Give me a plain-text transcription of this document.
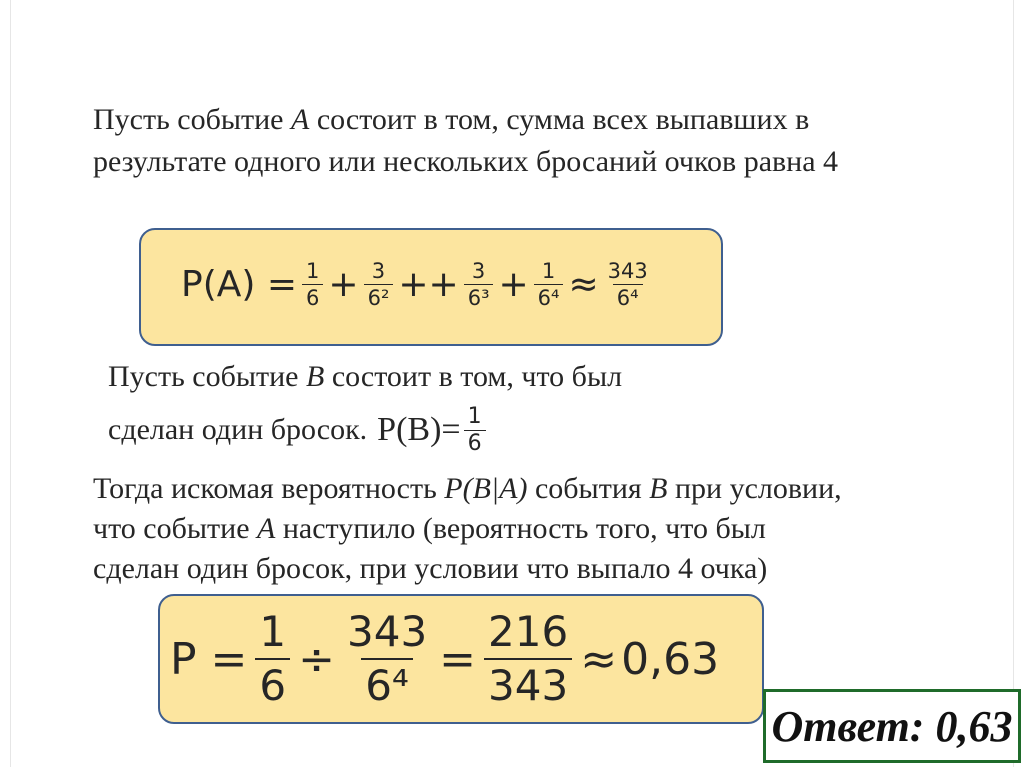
Пусть событие A состоит в том, сумма всех выпавших в
результате одного или нескольких бросаний очков равна 4
$P(A) = \frac{1}{6} + \frac{3}{\text{6²}} ++ \frac{3}{\text{6³}} + \frac{1}{\text{6⁴}} \approx \frac{343}{\text{6⁴}}$
Пусть событие B состоит в том, что был
сделан один бросок. $P(B)= \frac{1}{6}$
Тогда искомая вероятность P(B|A) события B при условии,
что событие A наступило (вероятность того, что был
сделан один бросок, при условии что выпало 4 очка)
$P = \frac{1}{6} \div \frac{343}{\text{6⁴}} = \frac{216}{343} \approx 0,63$
Ответ: 0,63
